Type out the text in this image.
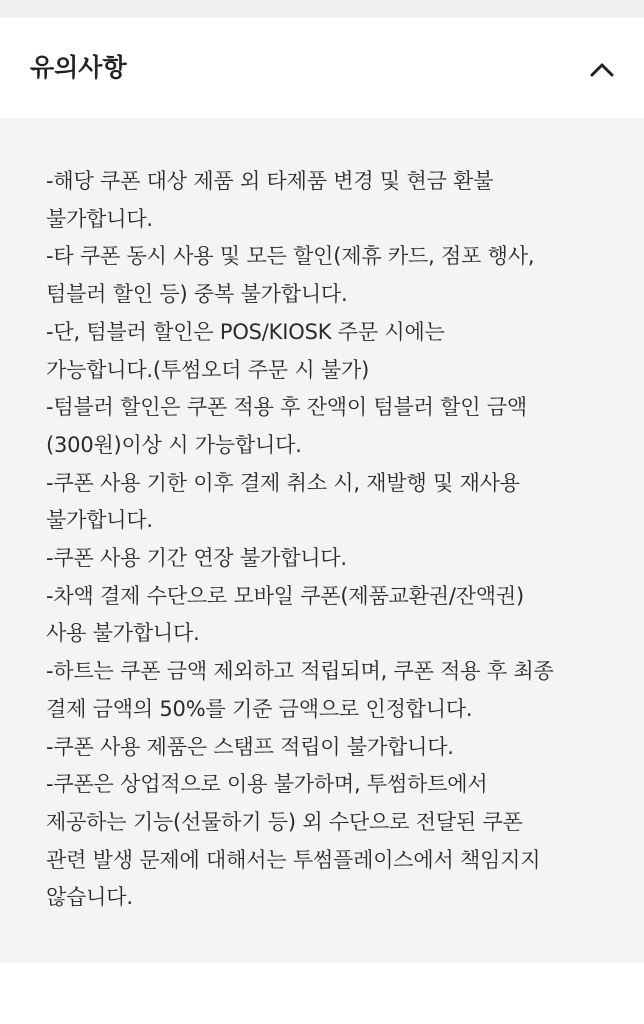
유의사항
-해당 쿠폰 대상 제품 외 타제품 변경 및 현금 환불
불가합니다.
-타 쿠폰 동시 사용 및 모든 할인(제휴 카드, 점포 행사,
텀블러 할인 등) 중복 불가합니다.
-단, 텀블러 할인은 POS/KIOSK 주문 시에는
가능합니다.(투썸오더 주문 시 불가)
-텀블러 할인은 쿠폰 적용 후 잔액이 텀블러 할인 금액
(300원)이상 시 가능합니다.
-쿠폰 사용 기한 이후 결제 취소 시, 재발행 및 재사용
불가합니다.
-쿠폰 사용 기간 연장 불가합니다.
-차액 결제 수단으로 모바일 쿠폰(제품교환권/잔액권)
사용 불가합니다.
-하트는 쿠폰 금액 제외하고 적립되며, 쿠폰 적용 후 최종
결제 금액의 50%를 기준 금액으로 인정합니다.
-쿠폰 사용 제품은 스탬프 적립이 불가합니다.
-쿠폰은 상업적으로 이용 불가하며, 투썸하트에서
제공하는 기능(선물하기 등) 외 수단으로 전달된 쿠폰
관련 발생 문제에 대해서는 투썸플레이스에서 책임지지
않습니다.
